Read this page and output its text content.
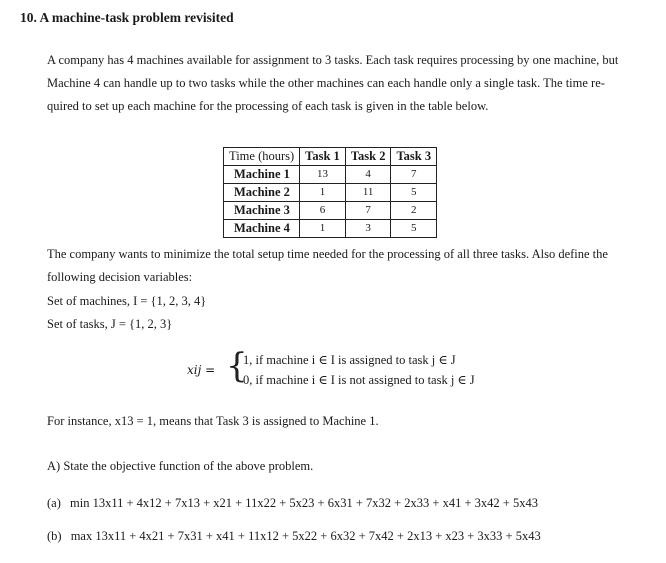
10. A machine-task problem revisited
A company has 4 machines available for assignment to 3 tasks. Each task requires processing by one machine, but
Machine 4 can handle up to two tasks while the other machines can each handle only a single task. The time re-
quired to set up each machine for the processing of each task is given in the table below.
Time (hours)	Task 1	Task 2	Task 3
Machine 1	13	4	7
Machine 2	1	11	5
Machine 3	6	7	2
Machine 4	1	3	5
The company wants to minimize the total setup time needed for the processing of all three tasks. Also define the
following decision variables:
Set of machines, I = {1, 2, 3, 4}
Set of tasks, J = {1, 2, 3}
xij = {
1, if machine i ∈ I is assigned to task j ∈ J
0, if machine i ∈ I is not assigned to task j ∈ J
For instance, x13 = 1, means that Task 3 is assigned to Machine 1.
A) State the objective function of the above problem.
(a) min 13x11 + 4x12 + 7x13 + x21 + 11x22 + 5x23 + 6x31 + 7x32 + 2x33 + x41 + 3x42 + 5x43
(b) max 13x11 + 4x21 + 7x31 + x41 + 11x12 + 5x22 + 6x32 + 7x42 + 2x13 + x23 + 3x33 + 5x43
